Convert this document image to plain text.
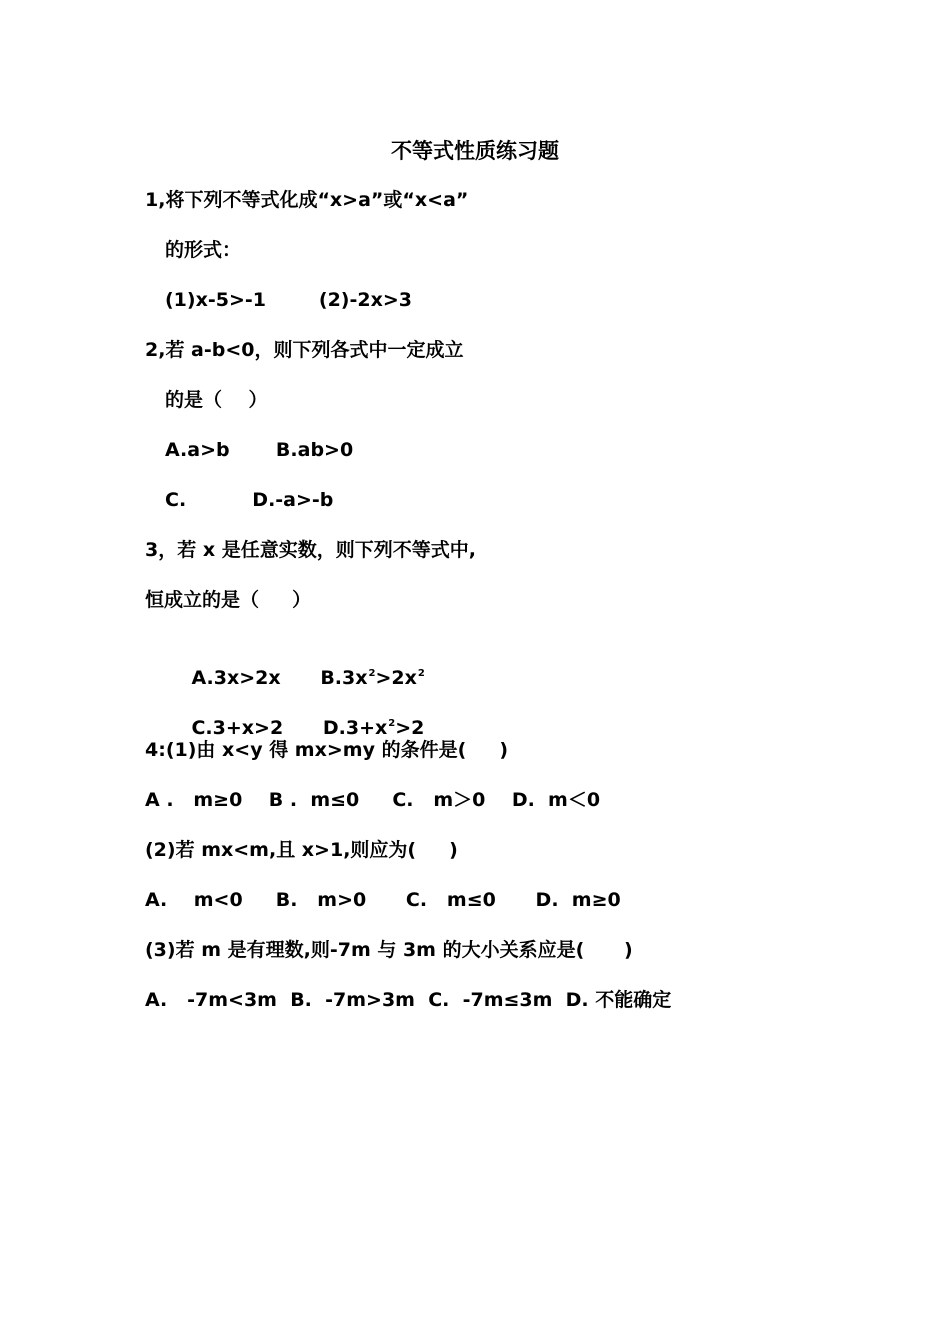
不等式性质练习题
1,将下列不等式化成“x>a”或“x<a”
的形式：
(1)x-5>-1        (2)-2x>3
2,若 a-b<0，则下列各式中一定成立
的是（    ）
A.a>b       B.ab>0
C.          D.-a>-b
3，若 x 是任意实数，则下列不等式中,
恒成立的是（     ）

A.3x>2x $B.3x^2>2x^2$

C.3+x>2 $D.3+x^2>2$

4:(1)由 x<y 得 mx>my 的条件是(     )
A .   m≥0    B .  m≤0     C.   m＞0    D.  m＜0
(2)若 mx<m,且 x>1,则应为(     )
A.    m<0     B.   m>0      C.   m≤0      D.  m≥0
(3)若 m 是有理数,则-7m 与 3m 的大小关系应是(      )
A.   -7m<3m  B.  -7m>3m  C.  -7m≤3m  D. 不能确定
